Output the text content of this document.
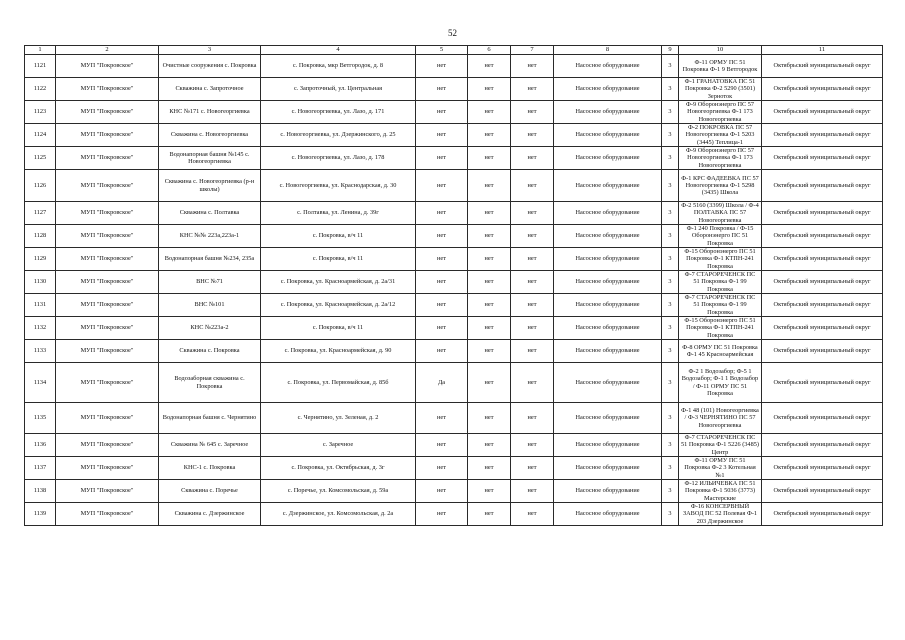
52
1	2	3	4	5	6	7	8	9	10	11
1121	МУП "Покровское"	Очистные сооружения с. Покровка	с. Покровка, мкр Ветгородок, д. 8	нет	нет	нет	Насосное оборудование	3	Ф-11 ОРМУ ПС 51 Покровка Ф-1 9 Ветгородок	Октябрьский муниципальный округ
1122	МУП "Покровское"	Скважина с. Запроточное	с. Запроточный, ул. Центральная	нет	нет	нет	Насосное оборудование	3	Ф-1 ГРАНАТОВКА ПС 51 Покровка Ф-2 5290 (3501) Зерноток	Октябрьский муниципальный округ
1123	МУП "Покровское"	КНС №171 с. Новогеоргиевка	с. Новогеоргиевка, ул. Лазо, д. 171	нет	нет	нет	Насосное оборудование	3	Ф-9 Оборонэнерго ПС 57 Новогеоргиевка Ф-1 173 Новогеоргиевка	Октябрьский муниципальный округ
1124	МУП "Покровское"	Скважина с. Новогеоргиевка	с. Новогеоргиевка, ул. Дзержинского, д. 25	нет	нет	нет	Насосное оборудование	3	Ф-2 ПОКРОВКА ПС 57 Новогеоргиевка Ф-1 5203 (3445) Теплица-1	Октябрьский муниципальный округ
1125	МУП "Покровское"	Водонапорная башня №145 с. Новогеоргиевка	с. Новогеоргиевка, ул. Лазо, д. 178	нет	нет	нет	Насосное оборудование	3	Ф-9 Оборонэнерго ПС 57 Новогеоргиевка Ф-1 173 Новогеоргиевка	Октябрьский муниципальный округ
1126	МУП "Покровское"	Скважина с. Новогеоргиевка (р-н школы)	с. Новогеоргиевка, ул. Краснодарская, д. 30	нет	нет	нет	Насосное оборудование	3	Ф-1 КРС ФАДЕЕВКА ПС 57 Новогеоргиевка Ф-1 5298 (3435) Школа	Октябрьский муниципальный округ
1127	МУП "Покровское"	Скважина с. Полтавка	с. Полтавка, ул. Ленина, д. 39г	нет	нет	нет	Насосное оборудование	3	Ф-2 5160 (3399) Школа / Ф-4 ПОЛТАВКА ПС 57 Новогеоргиевка	Октябрьский муниципальный округ
1128	МУП "Покровское"	КНС №№ 223а,223а-1	с. Покровка, в/ч 11	нет	нет	нет	Насосное оборудование	3	Ф-1 240 Покровка / Ф-15 Оборонэнерго ПС 51 Покровка	Октябрьский муниципальный округ
1129	МУП "Покровское"	Водонапорная башня №234, 235а	с. Покровка, в/ч 11	нет	нет	нет	Насосное оборудование	3	Ф-15 Оборонэнерго ПС 51 Покровка Ф-1 КТПН-241 Покровка	Октябрьский муниципальный округ
1130	МУП "Покровское"	ВНС №71	с. Покровка, ул. Красноармейская, д. 2а/31	нет	нет	нет	Насосное оборудование	3	Ф-7 СТАРОРЕЧЕНСК ПС 51 Покровка Ф-1 99 Покровка	Октябрьский муниципальный округ
1131	МУП "Покровское"	ВНС №101	с. Покровка, ул. Красноармейская, д. 2а/12	нет	нет	нет	Насосное оборудование	3	Ф-7 СТАРОРЕЧЕНСК ПС 51 Покровка Ф-1 99 Покровка	Октябрьский муниципальный округ
1132	МУП "Покровское"	КНС №223а-2	с. Покровка, в/ч 11	нет	нет	нет	Насосное оборудование	3	Ф-15 Оборонэнерго ПС 51 Покровка Ф-1 КТПН-241 Покровка	Октябрьский муниципальный округ
1133	МУП "Покровское"	Скважина с. Покровка	с. Покровка, ул. Красноармейская, д. 90	нет	нет	нет	Насосное оборудование	3	Ф-8 ОРМУ ПС 51 Покровка Ф-1 45 Красноармейская	Октябрьский муниципальный округ
1134	МУП "Покровское"	Водозаборная скважина с. Покровка	с. Покровка, ул. Первомайская, д. 85б	Да	нет	нет	Насосное оборудование	3	Ф-2 1 Водозабор; Ф-5 1 Водозабор; Ф-1 1 Водозабор / Ф-11 ОРМУ ПС 51 Покровка	Октябрьский муниципальный округ
1135	МУП "Покровское"	Водонапорная башня с. Чернятино	с. Чернятино, ул. Зеленая, д. 2	нет	нет	нет	Насосное оборудование	3	Ф-1 48 (101) Новогеоргиевка / Ф-3 ЧЕРНЯТИНО ПС 57 Новогеоргиевка	Октябрьский муниципальный округ
1136	МУП "Покровское"	Скважина № 645 с. Заречное	с. Заречное	нет	нет	нет	Насосное оборудование	3	Ф-7 СТАРОРЕЧЕНСК ПС 51 Покровка Ф-1 5226 (3485) Центр	Октябрьский муниципальный округ
1137	МУП "Покровское"	КНС-1 с. Покровка	с. Покровка, ул. Октябрьская, д. 3г	нет	нет	нет	Насосное оборудование	3	Ф-11 ОРМУ ПС 51 Покровка Ф-2 3 Котельная №1	Октябрьский муниципальный округ
1138	МУП "Покровское"	Скважина с. Поречье	с. Поречье, ул. Комсомольская, д. 59а	нет	нет	нет	Насосное оборудование	3	Ф-12 ИЛЬИЧЕВКА ПС 51 Покровка Ф-1 5036 (3773) Мастерские	Октябрьский муниципальный округ
1139	МУП "Покровское"	Скважина с. Дзержинское	с. Дзержинское, ул. Комсомольская, д. 2а	нет	нет	нет	Насосное оборудование	3	Ф-16 КОНСЕРВНЫЙ ЗАВОД ПС 52 Полевая Ф-1 203 Дзержинское	Октябрьский муниципальный округ
